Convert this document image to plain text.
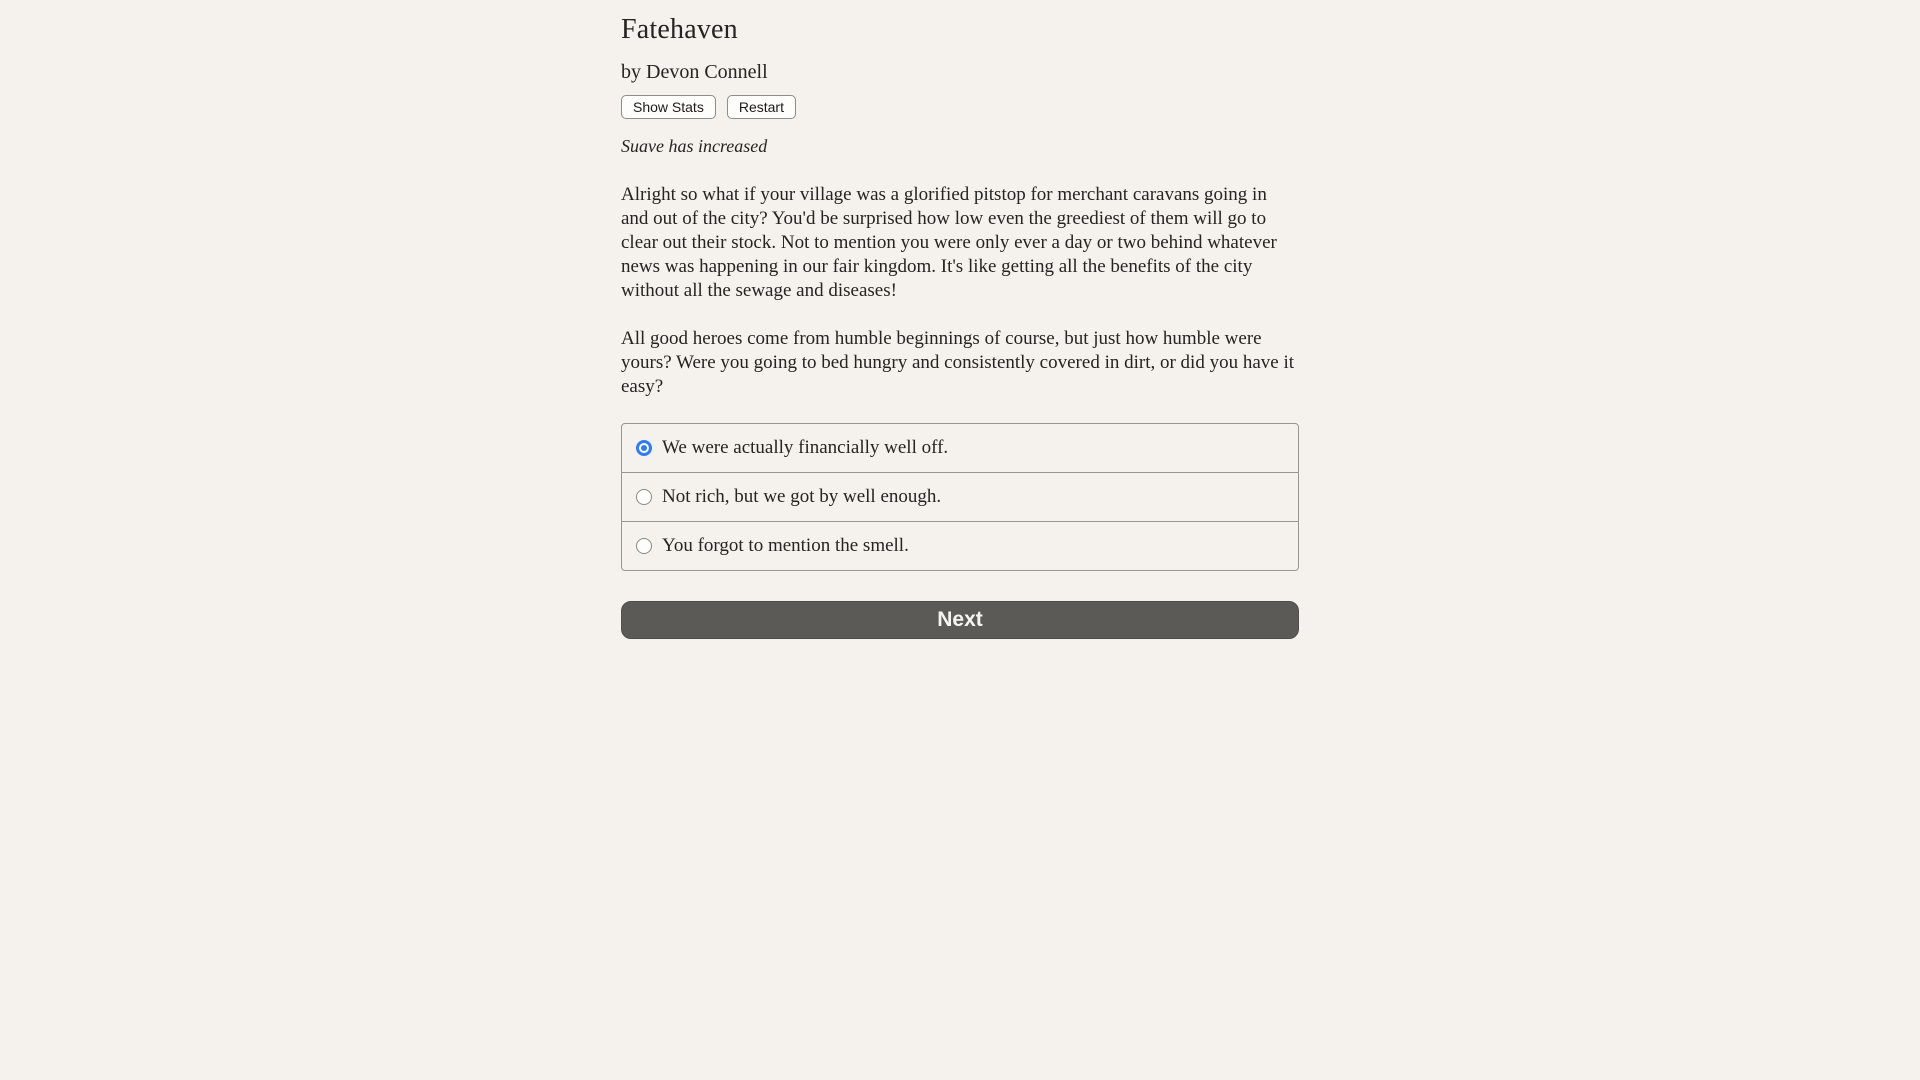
Fatehaven
by Devon Connell
Show Stats	Restart
Suave has increased

Alright so what if your village was a glorified pitstop for merchant caravans going in and out of the city? You'd be surprised how low even the greediest of them will go to clear out their stock. Not to mention you were only ever a day or two behind whatever news was happening in our fair kingdom. It's like getting all the benefits of the city without all the sewage and diseases!

All good heroes come from humble beginnings of course, but just how humble were yours? Were you going to bed hungry and consistently covered in dirt, or did you have it easy?

We were actually financially well off.
Not rich, but we got by well enough.
You forgot to mention the smell.
Next
